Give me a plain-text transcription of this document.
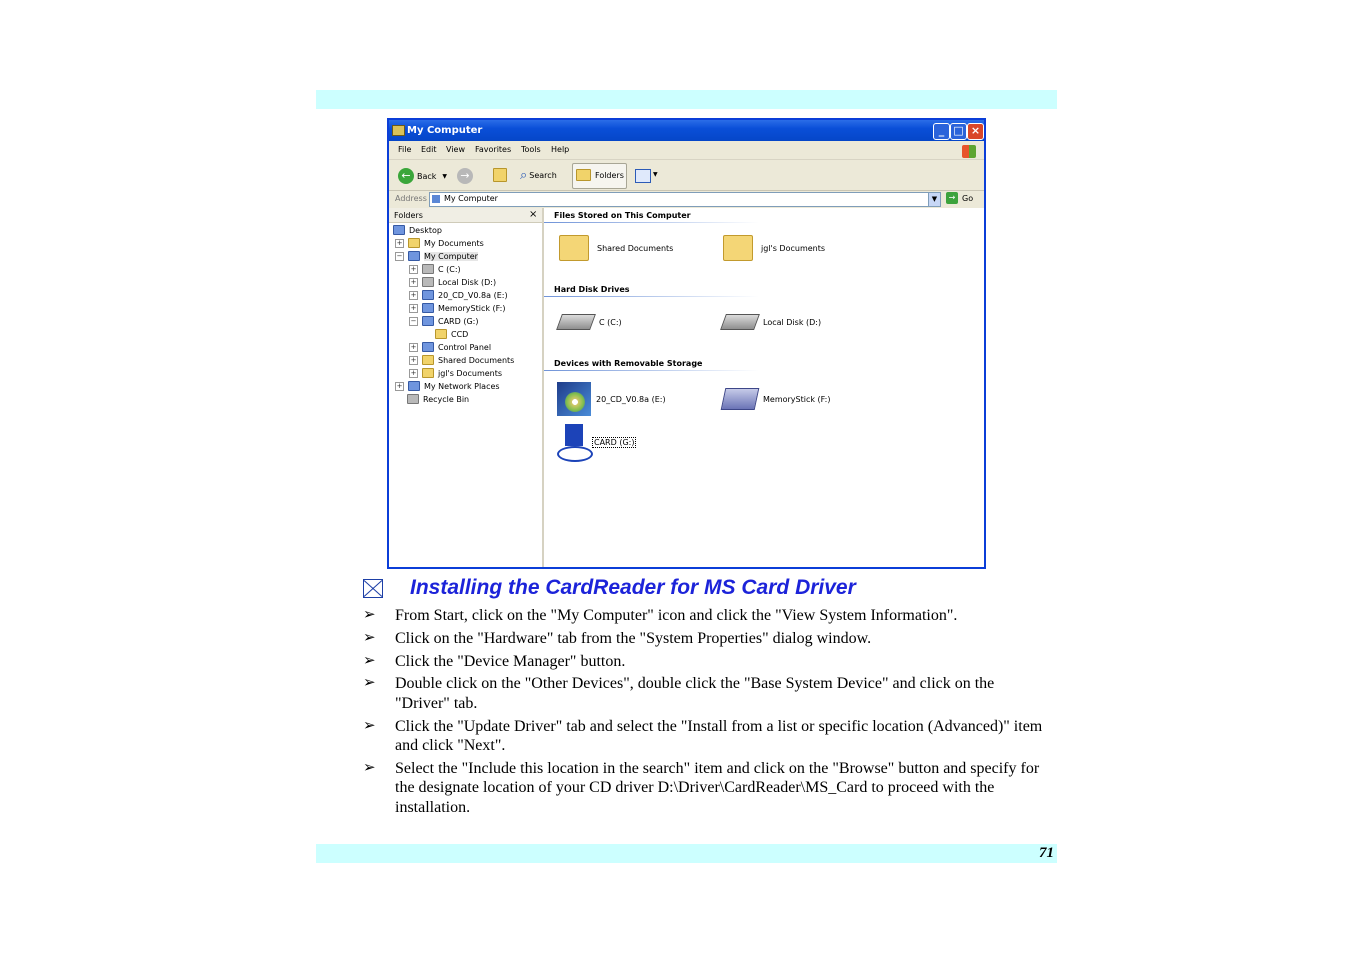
My Computer	_ □ ×
File Edit View Favorites Tools Help
← Back ▼	→	⌕ Search	Folders	▼
Address My Computer	▼	→ Go
Folders	×
Desktop
+	My Documents
−	My Computer
+	C (C:)
+	Local Disk (D:)
+	20_CD_V0.8a (E:)
+	MemoryStick (F:)
−	CARD (G:)
CCD
+	Control Panel
+	Shared Documents
+	jgl's Documents
+	My Network Places
Recycle Bin
Files Stored on This Computer
Shared Documents	jgl's Documents
Hard Disk Drives
C (C:)	Local Disk (D:)
Devices with Removable Storage
20_CD_V0.8a (E:)	MemoryStick (F:)
CARD (G:)
Installing the CardReader for MS Card Driver
➢ From Start, click on the "My Computer" icon and click the "View System Information".
➢ Click on the "Hardware" tab from the "System Properties" dialog window.
➢ Click the "Device Manager" button.
➢ Double click on the "Other Devices", double click the "Base System Device" and click on the "Driver" tab.
➢ Click the "Update Driver" tab and select the "Install from a list or specific location (Advanced)" item and click "Next".
➢ Select the "Include this location in the search" item and click on the "Browse" button and specify for the designate location of your CD driver D:\Driver\CardReader\MS_Card to proceed with the installation.
71
